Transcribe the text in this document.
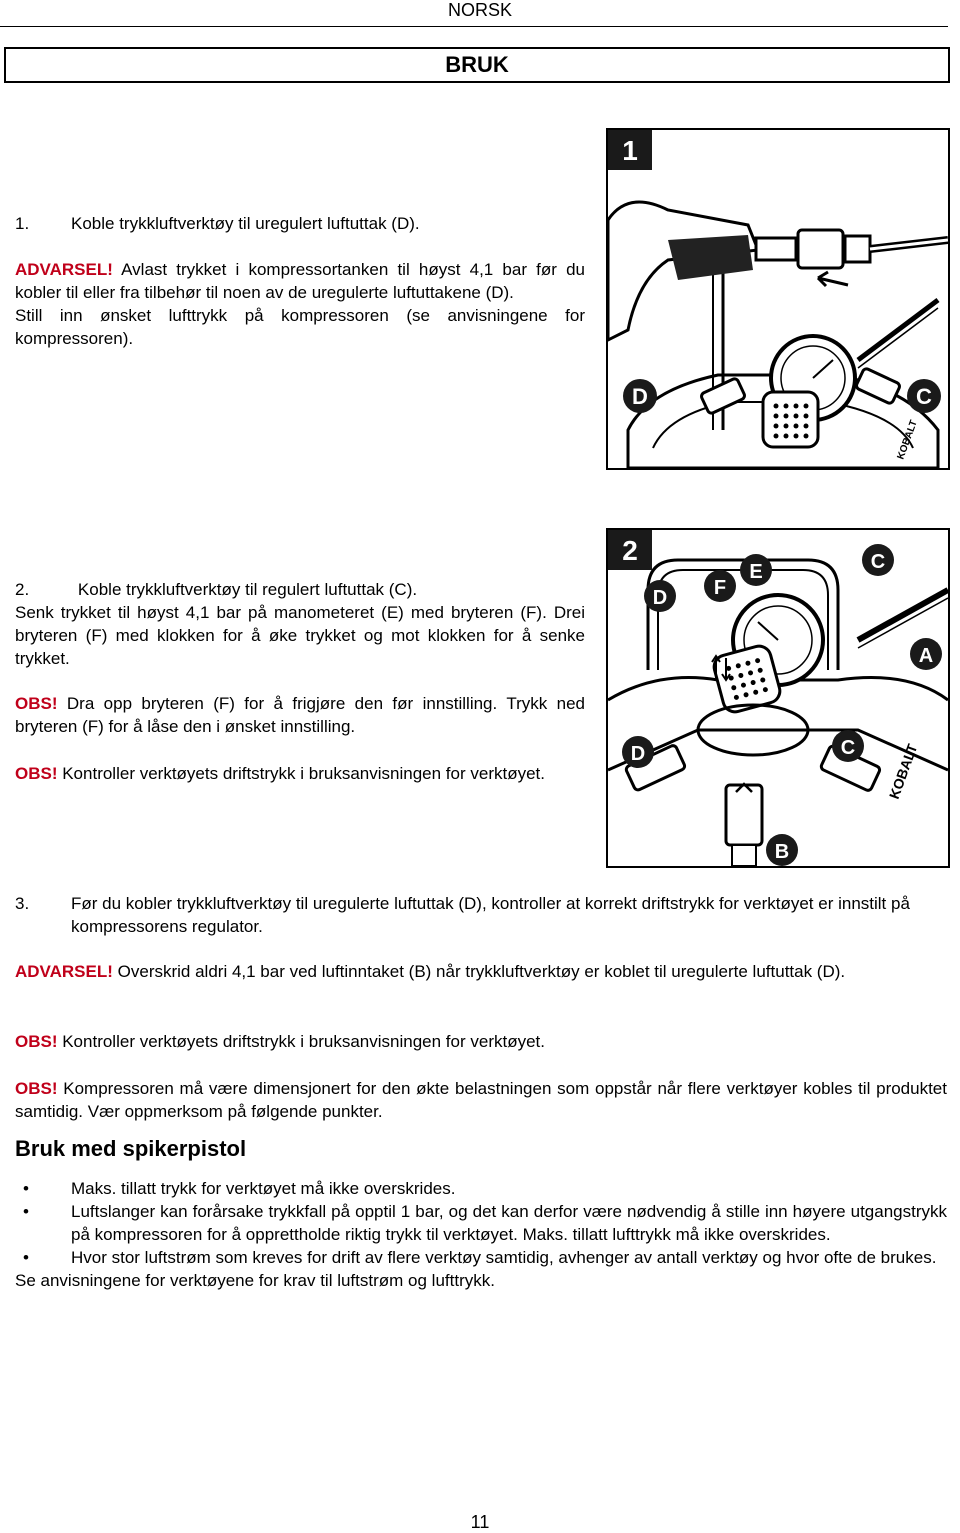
NORSK
BRUK
1. Koble trykkluftverktøy til uregulert luftuttak (D).
ADVARSEL! Avlast trykket i kompressortanken til høyst 4,1 bar før du kobler til eller fra tilbehør til noen av de uregulerte luftuttakene (D).
Still inn ønsket lufttrykk på kompressoren (se anvisningene for kompressoren).
1
D	C
KOBALT
2.	Koble trykkluftverktøy til regulert luftuttak (C).
Senk trykket til høyst 4,1 bar på manometeret (E) med bryteren (F). Drei bryteren (F) med klokken for å øke trykket og mot klokken for å senke trykket.
OBS! Dra opp bryteren (F) for å frigjøre den før innstilling. Trykk ned bryteren (F) for å låse den i ønsket innstilling.
OBS! Kontroller verktøyets driftstrykk i bruksanvisningen for verktøyet.
2
D F
E	C
A
D	C
B
KOBALT
3. Før du kobler trykkluftverktøy til uregulerte luftuttak (D), kontroller at korrekt driftstrykk for verktøyet er innstilt på kompressorens regulator.
ADVARSEL! Overskrid aldri 4,1 bar ved luftinntaket (B) når trykkluftverktøy er koblet til uregulerte luftuttak (D).
OBS! Kontroller verktøyets driftstrykk i bruksanvisningen for verktøyet.
OBS! Kompressoren må være dimensjonert for den økte belastningen som oppstår når flere verktøyer kobles til produktet samtidig. Vær oppmerksom på følgende punkter.
Bruk med spikerpistol
• Maks. tillatt trykk for verktøyet må ikke overskrides.
• Luftslanger kan forårsake trykkfall på opptil 1 bar, og det kan derfor være nødvendig å stille inn høyere utgangstrykk på kompressoren for å opprettholde riktig trykk til verktøyet. Maks. tillatt lufttrykk må ikke overskrides.
• Hvor stor luftstrøm som kreves for drift av flere verktøy samtidig, avhenger av antall verktøy og hvor ofte de brukes.
Se anvisningene for verktøyene for krav til luftstrøm og lufttrykk.
11
